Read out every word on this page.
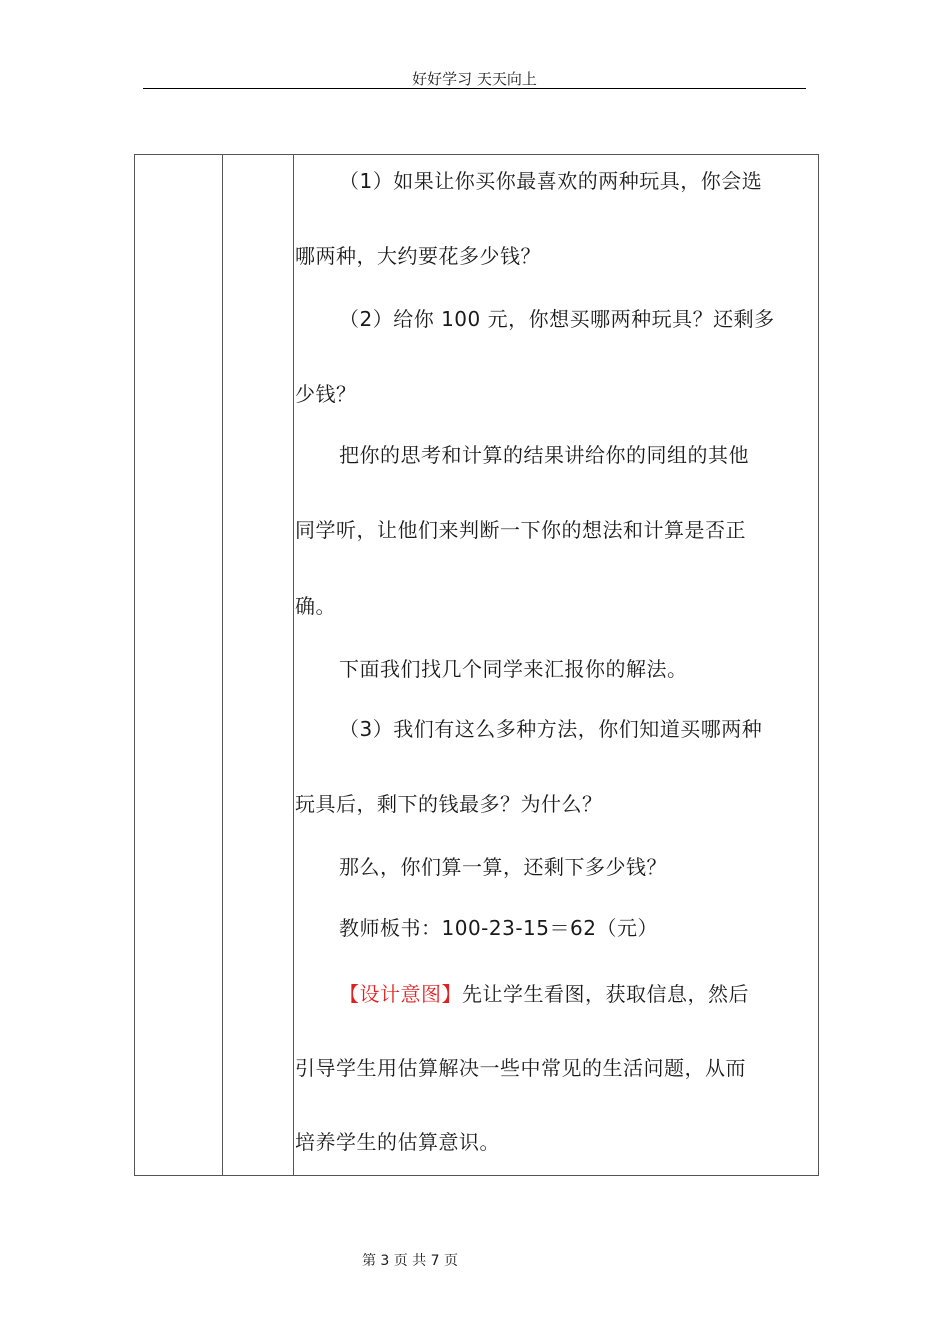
好好学习 天天向上
（1）如果让你买你最喜欢的两种玩具，你会选
哪两种，大约要花多少钱？
（2）给你 100 元，你想买哪两种玩具？还剩多
少钱？
把你的思考和计算的结果讲给你的同组的其他
同学听，让他们来判断一下你的想法和计算是否正
确。
下面我们找几个同学来汇报你的解法。
（3）我们有这么多种方法，你们知道买哪两种
玩具后，剩下的钱最多？为什么？
那么，你们算一算，还剩下多少钱？
教师板书：100-23-15＝62（元）
【设计意图】先让学生看图，获取信息，然后
引导学生用估算解决一些中常见的生活问题，从而
培养学生的估算意识。
第 3 页 共 7 页
